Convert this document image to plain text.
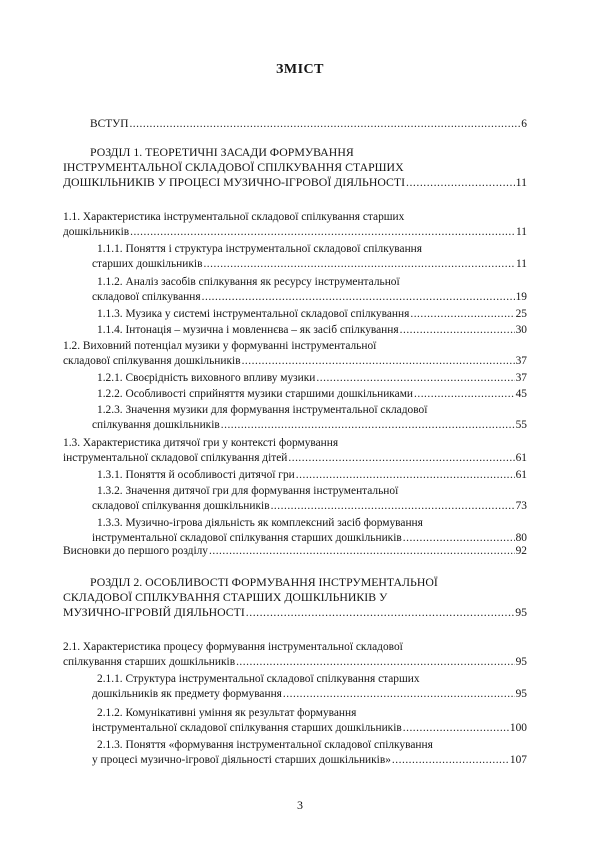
ЗМІСТ
ВСТУП .....	6
РОЗДІЛ 1. ТЕОРЕТИЧНІ ЗАСАДИ ФОРМУВАННЯ
ІНСТРУМЕНТАЛЬНОЇ СКЛАДОВОЇ СПІЛКУВАННЯ СТАРШИХ
ДОШКІЛЬНИКІВ У ПРОЦЕСІ МУЗИЧНО-ІГРОВОЇ ДІЯЛЬНОСТІ .....	11
1.1. Характеристика інструментальної складової спілкування старших
дошкільників .....	11
1.1.1. Поняття і структура інструментальної складової спілкування
старших дошкільників .....	11
1.1.2. Аналіз засобів спілкування як ресурсу інструментальної
складової спілкування .....	19
1.1.3. Музика у системі інструментальної складової спілкування .....	25
1.1.4. Інтонація – музична і мовленнєва – як засіб спілкування .....	30
1.2. Виховний потенціал музики у формуванні інструментальної
складової спілкування дошкільників .....	37
1.2.1. Своєрідність виховного впливу музики .....	37
1.2.2. Особливості сприйняття музики старшими дошкільниками .....	45
1.2.3. Значення музики для формування інструментальної складової
спілкування дошкільників .....	55
1.3. Характеристика дитячої гри у контексті формування
інструментальної складової спілкування дітей .....	61
1.3.1. Поняття й особливості дитячої гри .....	61
1.3.2. Значення дитячої гри для формування інструментальної
складової спілкування дошкільників .....	73
1.3.3. Музично-ігрова діяльність як комплексний засіб формування
інструментальної складової спілкування старших дошкільників .....	80
Висновки до першого розділу .....	92
РОЗДІЛ 2. ОСОБЛИВОСТІ ФОРМУВАННЯ ІНСТРУМЕНТАЛЬНОЇ
СКЛАДОВОЇ СПІЛКУВАННЯ СТАРШИХ ДОШКІЛЬНИКІВ У
МУЗИЧНО-ІГРОВІЙ ДІЯЛЬНОСТІ .....	95
2.1. Характеристика процесу формування інструментальної складової
спілкування старших дошкільників .....	95
2.1.1. Структура інструментальної складової спілкування старших
дошкільників як предмету формування .....	95
2.1.2. Комунікативні уміння як результат формування
інструментальної складової спілкування старших дошкільників .....	100
2.1.3. Поняття «формування інструментальної складової спілкування
у процесі музично-ігрової діяльності старших дошкільників» .....	107
3
